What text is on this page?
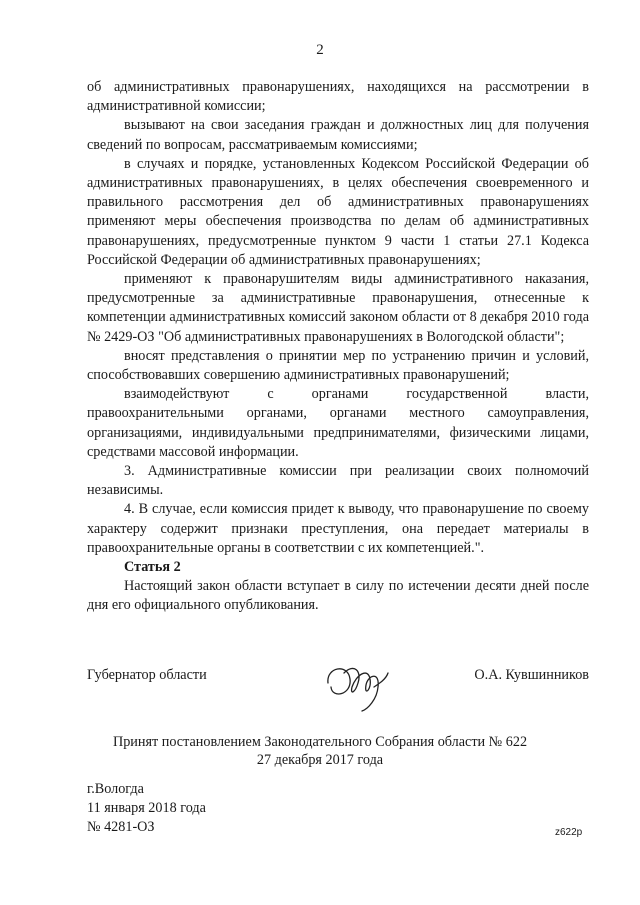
2

об административных правонарушениях, находящихся на рассмотрении в административной комиссии;

вызывают на свои заседания граждан и должностных лиц для получения сведений по вопросам, рассматриваемым комиссиями;

в случаях и порядке, установленных Кодексом Российской Федерации об административных правонарушениях, в целях обеспечения своевременного и правильного рассмотрения дел об административных правонарушениях применяют меры обеспечения производства по делам об административных правонарушениях, предусмотренные пунктом 9 части 1 статьи 27.1 Кодекса Российской Федерации об административных правонарушениях;

применяют к правонарушителям виды административного наказания, предусмотренные за административные правонарушения, отнесенные к компетенции административных комиссий законом области от 8 декабря 2010 года № 2429-ОЗ "Об административных правонарушениях в Вологодской области";

вносят представления о принятии мер по устранению причин и условий, способствовавших совершению административных правонарушений;

взаимодействуют с органами государственной власти, правоохранительными органами, органами местного самоуправления, организациями, индивидуальными предпринимателями, физическими лицами, средствами массовой информации.

3. Административные комиссии при реализации своих полномочий независимы.

4. В случае, если комиссия придет к выводу, что правонарушение по своему характеру содержит признаки преступления, она передает материалы в правоохранительные органы в соответствии с их компетенцией.".

Статья 2

Настоящий закон области вступает в силу по истечении десяти дней после дня его официального опубликования.

Губернатор области	О.А. Кувшинников
Принят постановлением Законодательного Собрания области № 622
27 декабря 2017 года
г.Вологда
11 января 2018 года
№ 4281-ОЗ	z622р
